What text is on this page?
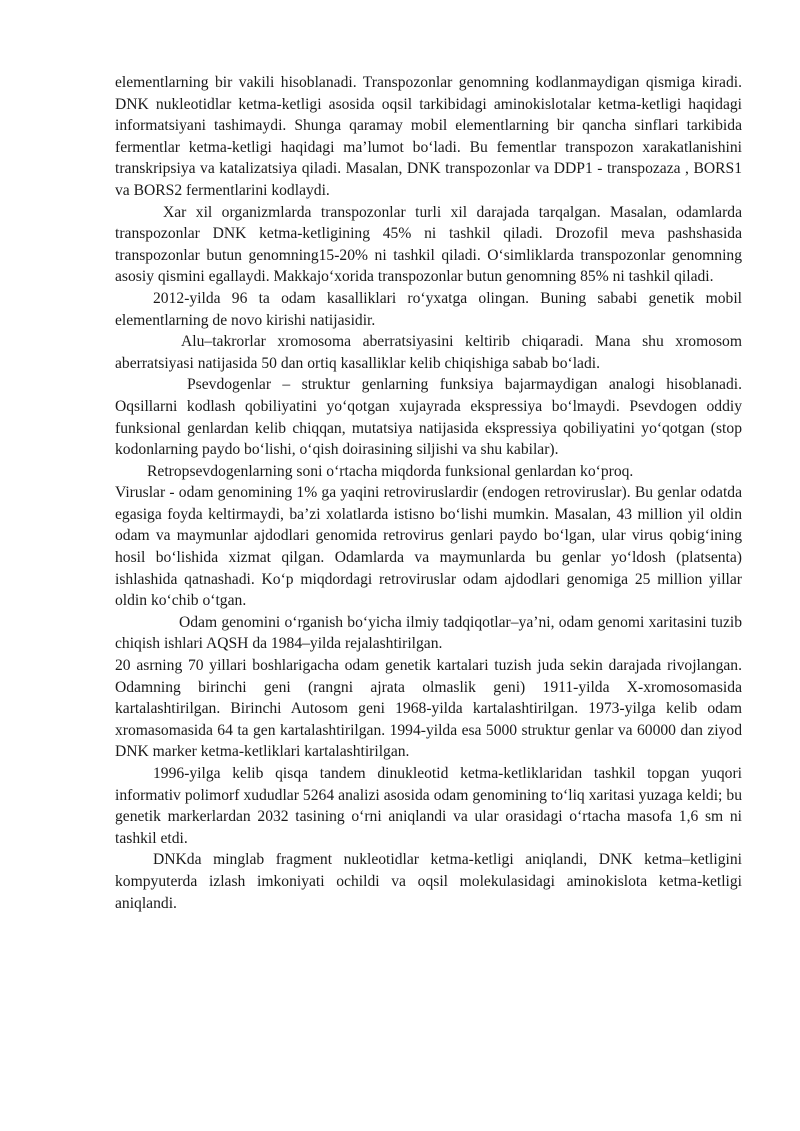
elementlarning bir vakili hisoblanadi. Transpozonlar genomning kodlanmaydigan qismiga kiradi. DNK nukleotidlar ketma-ketligi asosida oqsil tarkibidagi aminokislotalar ketma-ketligi haqidagi informatsiyani tashimaydi. Shunga qaramay mobil elementlarning bir qancha sinflari tarkibida fermentlar ketma-ketligi haqidagi ma’lumot bo‘ladi. Bu fementlar transpozon xarakatlanishini transkripsiya va katalizatsiya qiladi. Masalan, DNK transpozonlar va DDP1 - transpozaza , BORS1 va BORS2 fermentlarini kodlaydi.

Xar xil organizmlarda transpozonlar turli xil darajada tarqalgan. Masalan, odamlarda transpozonlar DNK ketma-ketligining 45% ni tashkil qiladi. Drozofil meva pashshasida transpozonlar butun genomning15-20% ni tashkil qiladi. O‘simliklarda transpozonlar genomning asosiy qismini egallaydi. Makkajo‘xorida transpozonlar butun genomning 85% ni tashkil qiladi.

2012-yilda 96 ta odam kasalliklari ro‘yxatga olingan. Buning sababi genetik mobil elementlarning de novo kirishi natijasidir.

Alu–takrorlar xromosoma aberratsiyasini keltirib chiqaradi. Mana shu xromosom aberratsiyasi natijasida 50 dan ortiq kasalliklar kelib chiqishiga sabab bo‘ladi.

Psevdogenlar – struktur genlarning funksiya bajarmaydigan analogi hisoblanadi. Oqsillarni kodlash qobiliyatini yo‘qotgan xujayrada ekspressiya bo‘lmaydi. Psevdogen oddiy funksional genlardan kelib chiqqan, mutatsiya natijasida ekspressiya qobiliyatini yo‘qotgan (stop kodonlarning paydo bo‘lishi, o‘qish doirasining siljishi va shu kabilar).

Retropsevdogenlarning soni o‘rtacha miqdorda funksional genlardan ko‘proq.

Viruslar - odam genomining 1% ga yaqini retroviruslardir (endogen retroviruslar). Bu genlar odatda egasiga foyda keltirmaydi, ba’zi xolatlarda istisno bo‘lishi mumkin. Masalan, 43 million yil oldin odam va maymunlar ajdodlari genomida retrovirus genlari paydo bo‘lgan, ular virus qobig‘ining hosil bo‘lishida xizmat qilgan. Odamlarda va maymunlarda bu genlar yo‘ldosh (platsenta) ishlashida qatnashadi. Ko‘p miqdordagi retroviruslar odam ajdodlari genomiga 25 million yillar oldin ko‘chib o‘tgan.

Odam genomini o‘rganish bo‘yicha ilmiy tadqiqotlar–ya’ni, odam genomi xaritasini tuzib chiqish ishlari AQSH da 1984–yilda rejalashtirilgan.

20 asrning 70 yillari boshlarigacha odam genetik kartalari tuzish juda sekin darajada rivojlangan. Odamning birinchi geni (rangni ajrata olmaslik geni) 1911-yilda X-xromosomasida kartalashtirilgan. Birinchi Autosom geni 1968-yilda kartalashtirilgan. 1973-yilga kelib odam xromasomasida 64 ta gen kartalashtirilgan. 1994-yilda esa 5000 struktur genlar va 60000 dan ziyod DNK marker ketma-ketliklari kartalashtirilgan.

1996-yilga kelib qisqa tandem dinukleotid ketma-ketliklaridan tashkil topgan yuqori informativ polimorf xududlar 5264 analizi asosida odam genomining to‘liq xaritasi yuzaga keldi; bu genetik markerlardan 2032 tasining o‘rni aniqlandi va ular orasidagi o‘rtacha masofa 1,6 sm ni tashkil etdi.

DNKda minglab fragment nukleotidlar ketma-ketligi aniqlandi, DNK ketma–ketligini kompyuterda izlash imkoniyati ochildi va oqsil molekulasidagi aminokislota ketma-ketligi aniqlandi.
